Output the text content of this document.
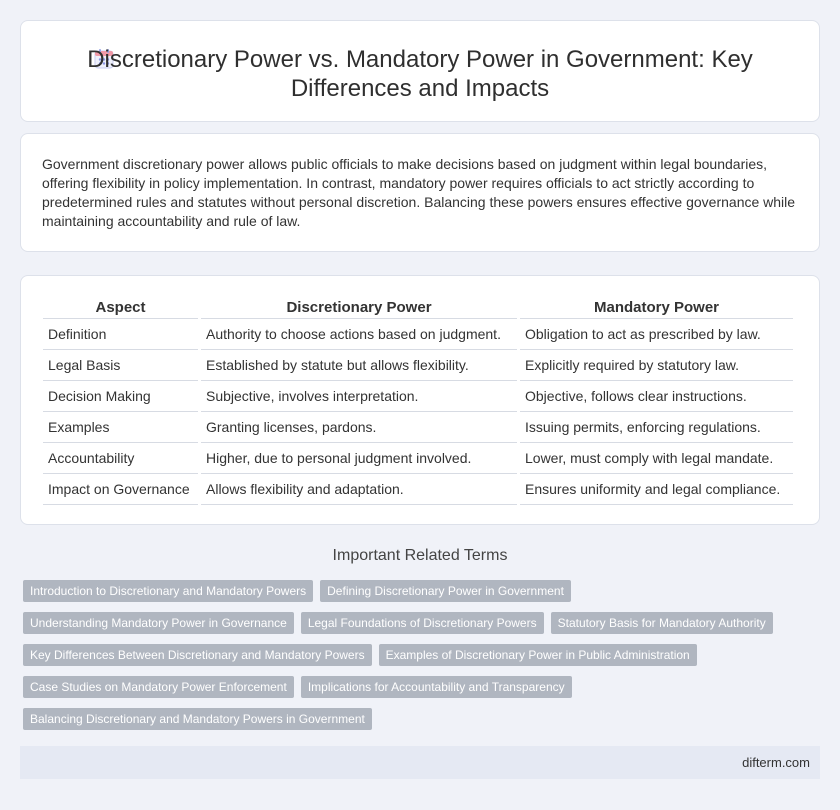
Discretionary Power vs. Mandatory Power in Government: Key Differences and Impacts

Government discretionary power allows public officials to make decisions based on judgment within legal boundaries, offering flexibility in policy implementation. In contrast, mandatory power requires officials to act strictly according to predetermined rules and statutes without personal discretion. Balancing these powers ensures effective governance while maintaining accountability and rule of law.

Aspect		Discretionary Power		Mandatory Power
Definition		Authority to choose actions based on judgment.		Obligation to act as prescribed by law.
Legal Basis		Established by statute but allows flexibility.		Explicitly required by statutory law.
Decision Making		Subjective, involves interpretation.		Objective, follows clear instructions.
Examples		Granting licenses, pardons.		Issuing permits, enforcing regulations.
Accountability		Higher, due to personal judgment involved.		Lower, must comply with legal mandate.
Impact on Governance		Allows flexibility and adaptation.		Ensures uniformity and legal compliance.
Important Related Terms
Introduction to Discretionary and Mandatory Powers	Defining Discretionary Power in Government
Understanding Mandatory Power in Governance	Legal Foundations of Discretionary Powers	Statutory Basis for Mandatory Authority
Key Differences Between Discretionary and Mandatory Powers	Examples of Discretionary Power in Public Administration
Case Studies on Mandatory Power Enforcement	Implications for Accountability and Transparency
Balancing Discretionary and Mandatory Powers in Government
difterm.com
